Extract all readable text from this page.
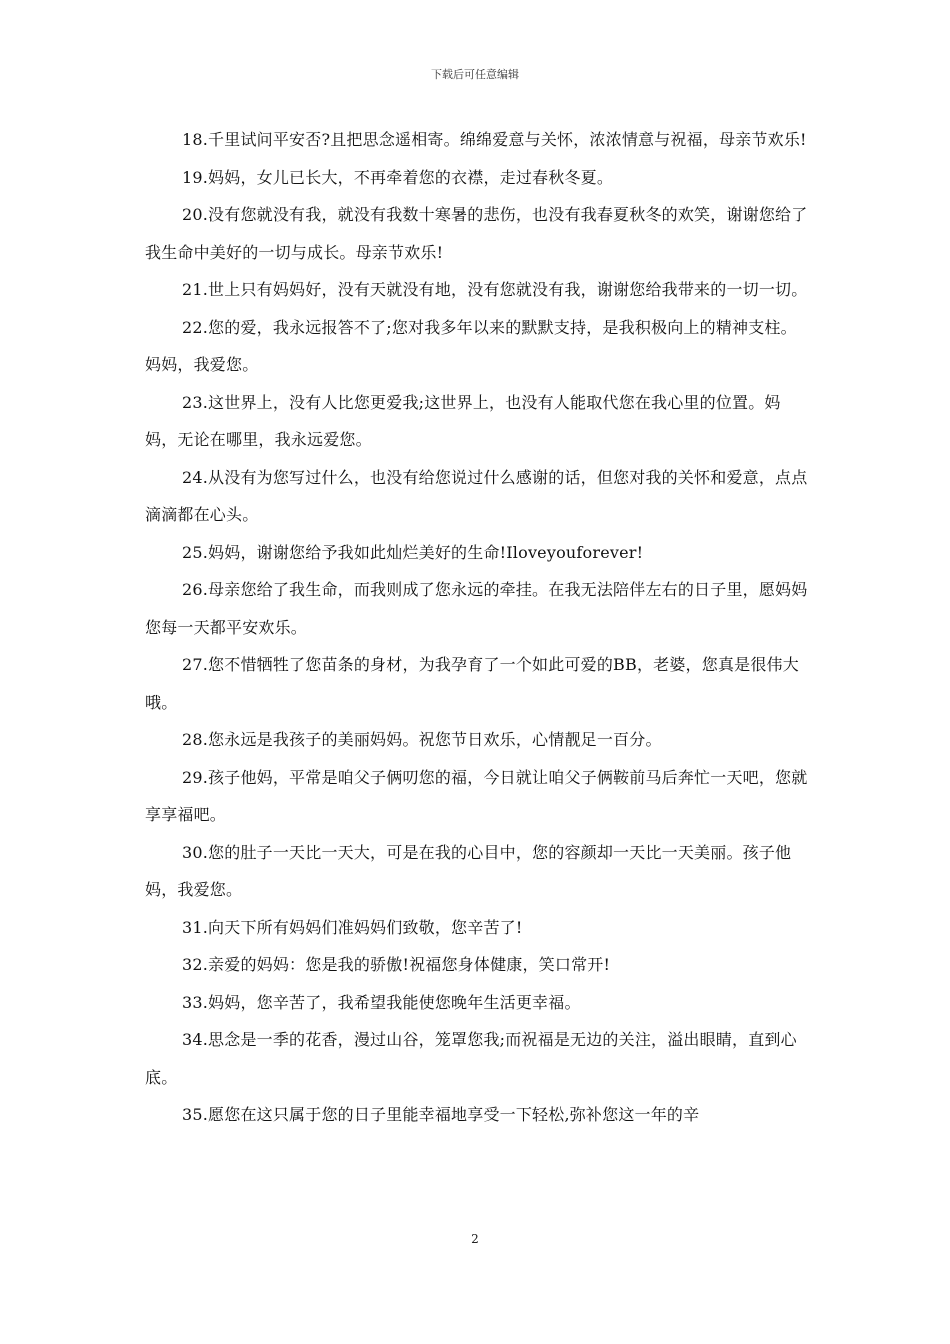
下载后可任意编辑

18.千里试问平安否?且把思念遥相寄。绵绵爱意与关怀，浓浓情意与祝福，母亲节欢乐!

19.妈妈，女儿已长大，不再牵着您的衣襟，走过春秋冬夏。

20.没有您就没有我，就没有我数十寒暑的悲伤，也没有我春夏秋冬的欢笑，谢谢您给了我生命中美好的一切与成长。母亲节欢乐!

21.世上只有妈妈好，没有天就没有地，没有您就没有我，谢谢您给我带来的一切一切。

22.您的爱，我永远报答不了;您对我多年以来的默默支持，是我积极向上的精神支柱。妈妈，我爱您。

23.这世界上，没有人比您更爱我;这世界上，也没有人能取代您在我心里的位置。妈妈，无论在哪里，我永远爱您。

24.从没有为您写过什么，也没有给您说过什么感谢的话，但您对我的关怀和爱意，点点滴滴都在心头。

25.妈妈，谢谢您给予我如此灿烂美好的生命!Iloveyouforever!

26.母亲您给了我生命，而我则成了您永远的牵挂。在我无法陪伴左右的日子里，愿妈妈您每一天都平安欢乐。

27.您不惜牺牲了您苗条的身材，为我孕育了一个如此可爱的BB，老婆，您真是很伟大哦。

28.您永远是我孩子的美丽妈妈。祝您节日欢乐，心情靓足一百分。

29.孩子他妈，平常是咱父子俩叨您的福，今日就让咱父子俩鞍前马后奔忙一天吧，您就享享福吧。

30.您的肚子一天比一天大，可是在我的心目中，您的容颜却一天比一天美丽。孩子他妈，我爱您。

31.向天下所有妈妈们准妈妈们致敬，您辛苦了!

32.亲爱的妈妈：您是我的骄傲!祝福您身体健康，笑口常开!

33.妈妈，您辛苦了，我希望我能使您晚年生活更幸福。

34.思念是一季的花香，漫过山谷，笼罩您我;而祝福是无边的关注，溢出眼睛，直到心底。

35.愿您在这只属于您的日子里能幸福地享受一下轻松,弥补您这一年的辛

2
